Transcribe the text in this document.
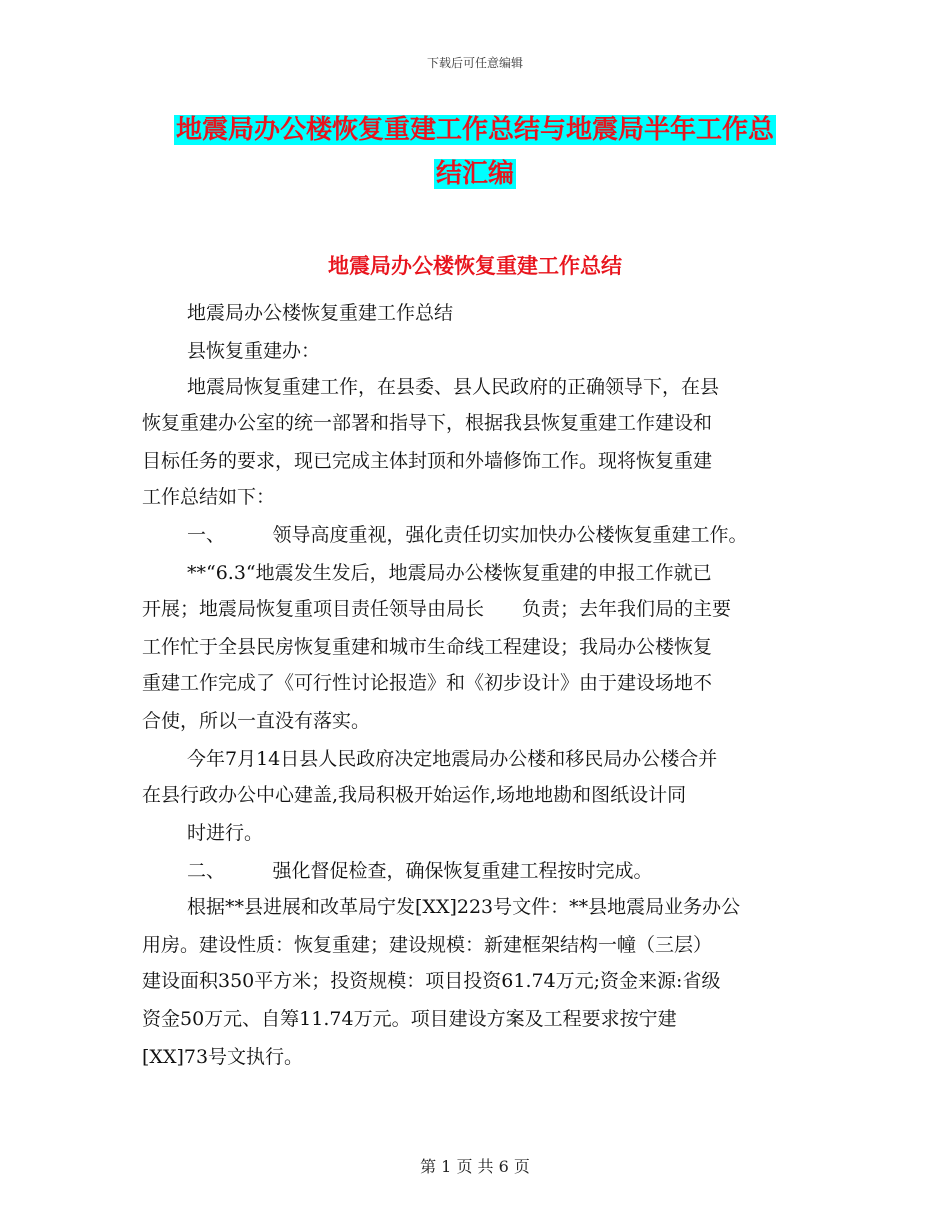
下载后可任意编辑
地震局办公楼恢复重建工作总结与地震局半年工作总
结汇编
地震局办公楼恢复重建工作总结
地震局办公楼恢复重建工作总结
县恢复重建办：
地震局恢复重建工作，在县委、县人民政府的正确领导下，在县
恢复重建办公室的统一部署和指导下，根据我县恢复重建工作建设和
目标任务的要求，现已完成主体封顶和外墙修饰工作。现将恢复重建
工作总结如下：
一、　　　领导高度重视，强化责任切实加快办公楼恢复重建工作。
**“6.3“地震发生发后，地震局办公楼恢复重建的申报工作就已
开展；地震局恢复重项目责任领导由局长　　负责；去年我们局的主要
工作忙于全县民房恢复重建和城市生命线工程建设；我局办公楼恢复
重建工作完成了《可行性讨论报造》和《初步设计》由于建设场地不
合使，所以一直没有落实。
今年7月14日县人民政府决定地震局办公楼和移民局办公楼合并
在县行政办公中心建盖,我局积极开始运作,场地地勘和图纸设计同
时进行。
二、　　　强化督促检查，确保恢复重建工程按时完成。
根据**县进展和改革局宁发[XX]223号文件：**县地震局业务办公
用房。建设性质：恢复重建；建设规模：新建框架结构一幢（三层）
建设面积350平方米；投资规模：项目投资61.74万元;资金来源:省级
资金50万元、自筹11.74万元。项目建设方案及工程要求按宁建
[XX]73号文执行。
第 1 页 共 6 页
